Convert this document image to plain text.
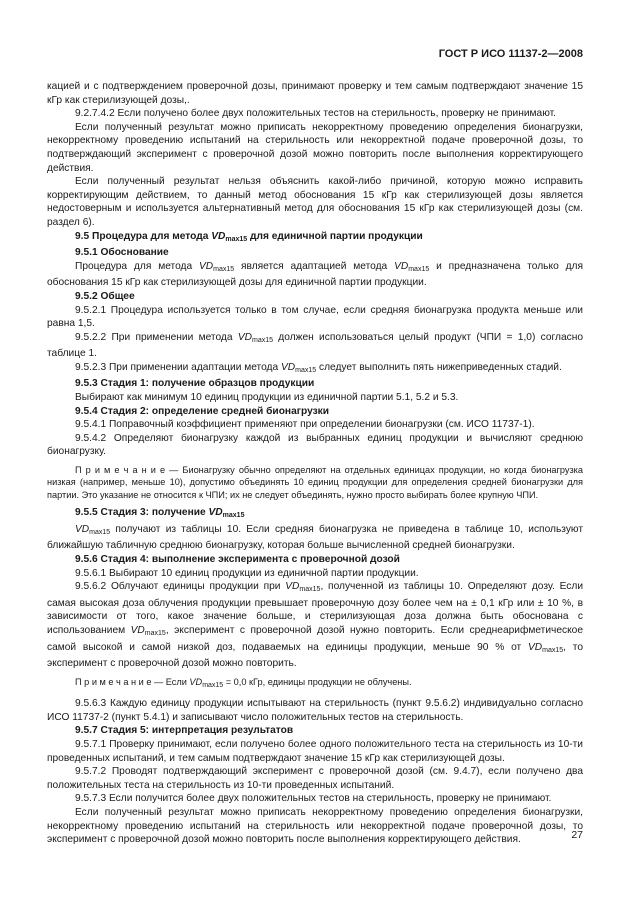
ГОСТ Р ИСО 11137-2—2008

кацией и с подтверждением проверочной дозы, принимают проверку и тем самым подтверждают значение 15 кГр как стерилизующей дозы,.

9.2.7.4.2 Если получено более двух положительных тестов на стерильность, проверку не принимают.

Если полученный результат можно приписать некорректному проведению определения бионагрузки, некорректному проведению испытаний на стерильность или некорректной подаче проверочной дозы, то подтверждающий эксперимент с проверочной дозой можно повторить после выполнения корректирующего действия.

Если полученный результат нельзя объяснить какой-либо причиной, которую можно исправить корректирующим действием, то данный метод обоснования 15 кГр как стерилизующей дозы является недостоверным и используется альтернативный метод для обоснования 15 кГр как стерилизующей дозы (см. раздел 6).

9.5 Процедура для метода $VD_{max15}$ для единичной партии продукции

9.5.1 Обоснование

Процедура для метода $VD_{max15}$ является адаптацией метода $VD_{max15}$ и предназначена только для обоснования 15 кГр как стерилизующей дозы для единичной партии продукции.

9.5.2 Общее

9.5.2.1 Процедура используется только в том случае, если средняя бионагрузка продукта меньше или равна 1,5.

9.5.2.2 При применении метода $VD_{max15}$ должен использоваться целый продукт (ЧПИ = 1,0) согласно таблице 1.

9.5.2.3 При применении адаптации метода $VD_{max15}$ следует выполнить пять нижеприведенных стадий.

9.5.3 Стадия 1: получение образцов продукции

Выбирают как минимум 10 единиц продукции из единичной партии 5.1, 5.2 и 5.3.

9.5.4 Стадия 2: определение средней бионагрузки

9.5.4.1 Поправочный коэффициент применяют при определении бионагрузки (см. ИСО 11737-1).

9.5.4.2 Определяют бионагрузку каждой из выбранных единиц продукции и вычисляют среднюю бионагрузку.

П р и м е ч а н и е — Бионагрузку обычно определяют на отдельных единицах продукции, но когда бионагрузка низкая (например, меньше 10), допустимо объединять 10 единиц продукции для определения средней бионагрузки для партии. Это указание не относится к ЧПИ; их не следует объединять, нужно просто выбирать более крупную ЧПИ.

9.5.5 Стадия 3: получение $VD_{max15}$

$VD_{max15}$ получают из таблицы 10. Если средняя бионагрузка не приведена в таблице 10, используют ближайшую табличную среднюю бионагрузку, которая больше вычисленной средней бионагрузки.

9.5.6 Стадия 4: выполнение эксперимента с проверочной дозой

9.5.6.1 Выбирают 10 единиц продукции из единичной партии продукции.

9.5.6.2 Облучают единицы продукции при $VD_{max15}$, полученной из таблицы 10. Определяют дозу. Если самая высокая доза облучения продукции превышает проверочную дозу более чем на ± 0,1 кГр или ± 10 %, в зависимости от того, какое значение больше, и стерилизующая доза должна быть обоснована с использованием $VD_{max15}$, эксперимент с проверочной дозой нужно повторить. Если среднеарифметическое самой высокой и самой низкой доз, подаваемых на единицы продукции, меньше 90 % от $VD_{max15}$, то эксперимент с проверочной дозой можно повторить.

П р и м е ч а н и е — Если $VD_{max15} = 0,0$ кГр, единицы продукции не облучены.

9.5.6.3 Каждую единицу продукции испытывают на стерильность (пункт 9.5.6.2) индивидуально согласно ИСО 11737-2 (пункт 5.4.1) и записывают число положительных тестов на стерильность.

9.5.7 Стадия 5: интерпретация результатов

9.5.7.1 Проверку принимают, если получено более одного положительного теста на стерильность из 10-ти проведенных испытаний, и тем самым подтверждают значение 15 кГр как стерилизующей дозы.

9.5.7.2 Проводят подтверждающий эксперимент с проверочной дозой (см. 9.4.7), если получено два положительных теста на стерильность из 10-ти проведенных испытаний.

9.5.7.3 Если получится более двух положительных тестов на стерильность, проверку не принимают.

Если полученный результат можно приписать некорректному проведению определения бионагрузки, некорректному проведению испытаний на стерильность или некорректной подаче проверочной дозы, то эксперимент с проверочной дозой можно повторить после выполнения корректирующего действия.	27
